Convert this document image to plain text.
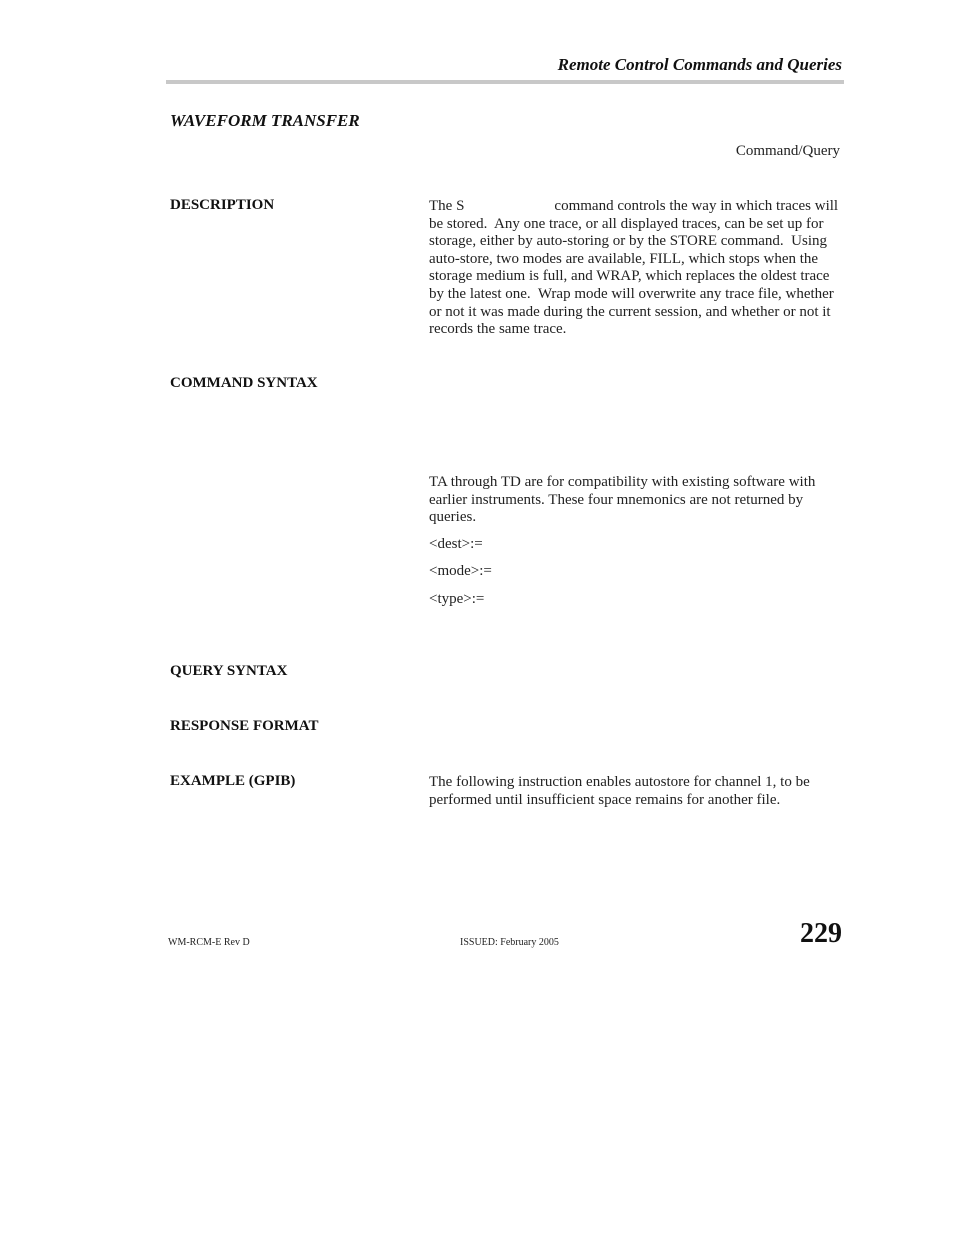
Remote Control Commands and Queries
WAVEFORM TRANSFER
Command/Query
DESCRIPTION	The S                        command controls the way in which traces will be stored.  Any one trace, or all displayed traces, can be set up for storage, either by auto-storing or by the STORE command.  Using auto-store, two modes are available, FILL, which stops when the storage medium is full, and WRAP, which replaces the oldest trace by the latest one.  Wrap mode will overwrite any trace file, whether or not it was made during the current session, and whether or not it records the same trace.
COMMAND SYNTAX
TA through TD are for compatibility with existing software with earlier instruments. These four mnemonics are not returned by queries.
<dest>:=
<mode>:=
<type>:=
QUERY SYNTAX
RESPONSE FORMAT
EXAMPLE (GPIB)	The following instruction enables autostore for channel 1, to be performed until insufficient space remains for another file.
WM-RCM-E Rev D	ISSUED: February 2005	229
